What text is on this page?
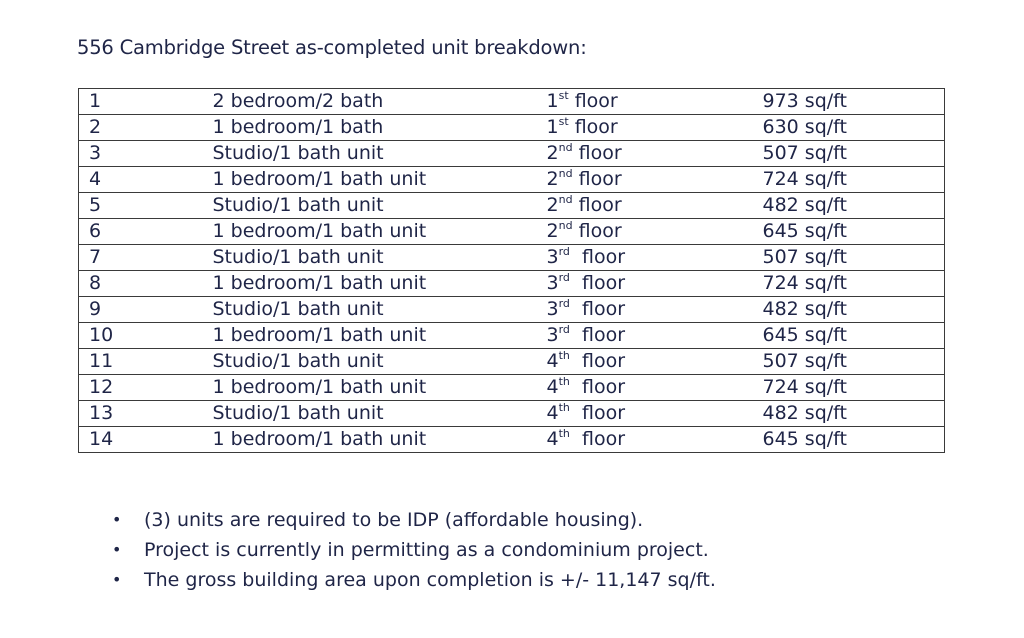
556 Cambridge Street as-completed unit breakdown:
1	2 bedroom/2 bath	1st floor	973 sq/ft
2	1 bedroom/1 bath	1st floor	630 sq/ft
3	Studio/1 bath unit	2nd floor	507 sq/ft
4	1 bedroom/1 bath unit	2nd floor	724 sq/ft
5	Studio/1 bath unit	2nd floor	482 sq/ft
6	1 bedroom/1 bath unit	2nd floor	645 sq/ft
7	Studio/1 bath unit	3rd floor	507 sq/ft
8	1 bedroom/1 bath unit	3rd floor	724 sq/ft
9	Studio/1 bath unit	3rd floor	482 sq/ft
10	1 bedroom/1 bath unit	3rd floor	645 sq/ft
11	Studio/1 bath unit	4th floor	507 sq/ft
12	1 bedroom/1 bath unit	4th floor	724 sq/ft
13	Studio/1 bath unit	4th floor	482 sq/ft
14	1 bedroom/1 bath unit	4th floor	645 sq/ft
• (3) units are required to be IDP (affordable housing).
• Project is currently in permitting as a condominium project.
• The gross building area upon completion is +/- 11,147 sq/ft.
